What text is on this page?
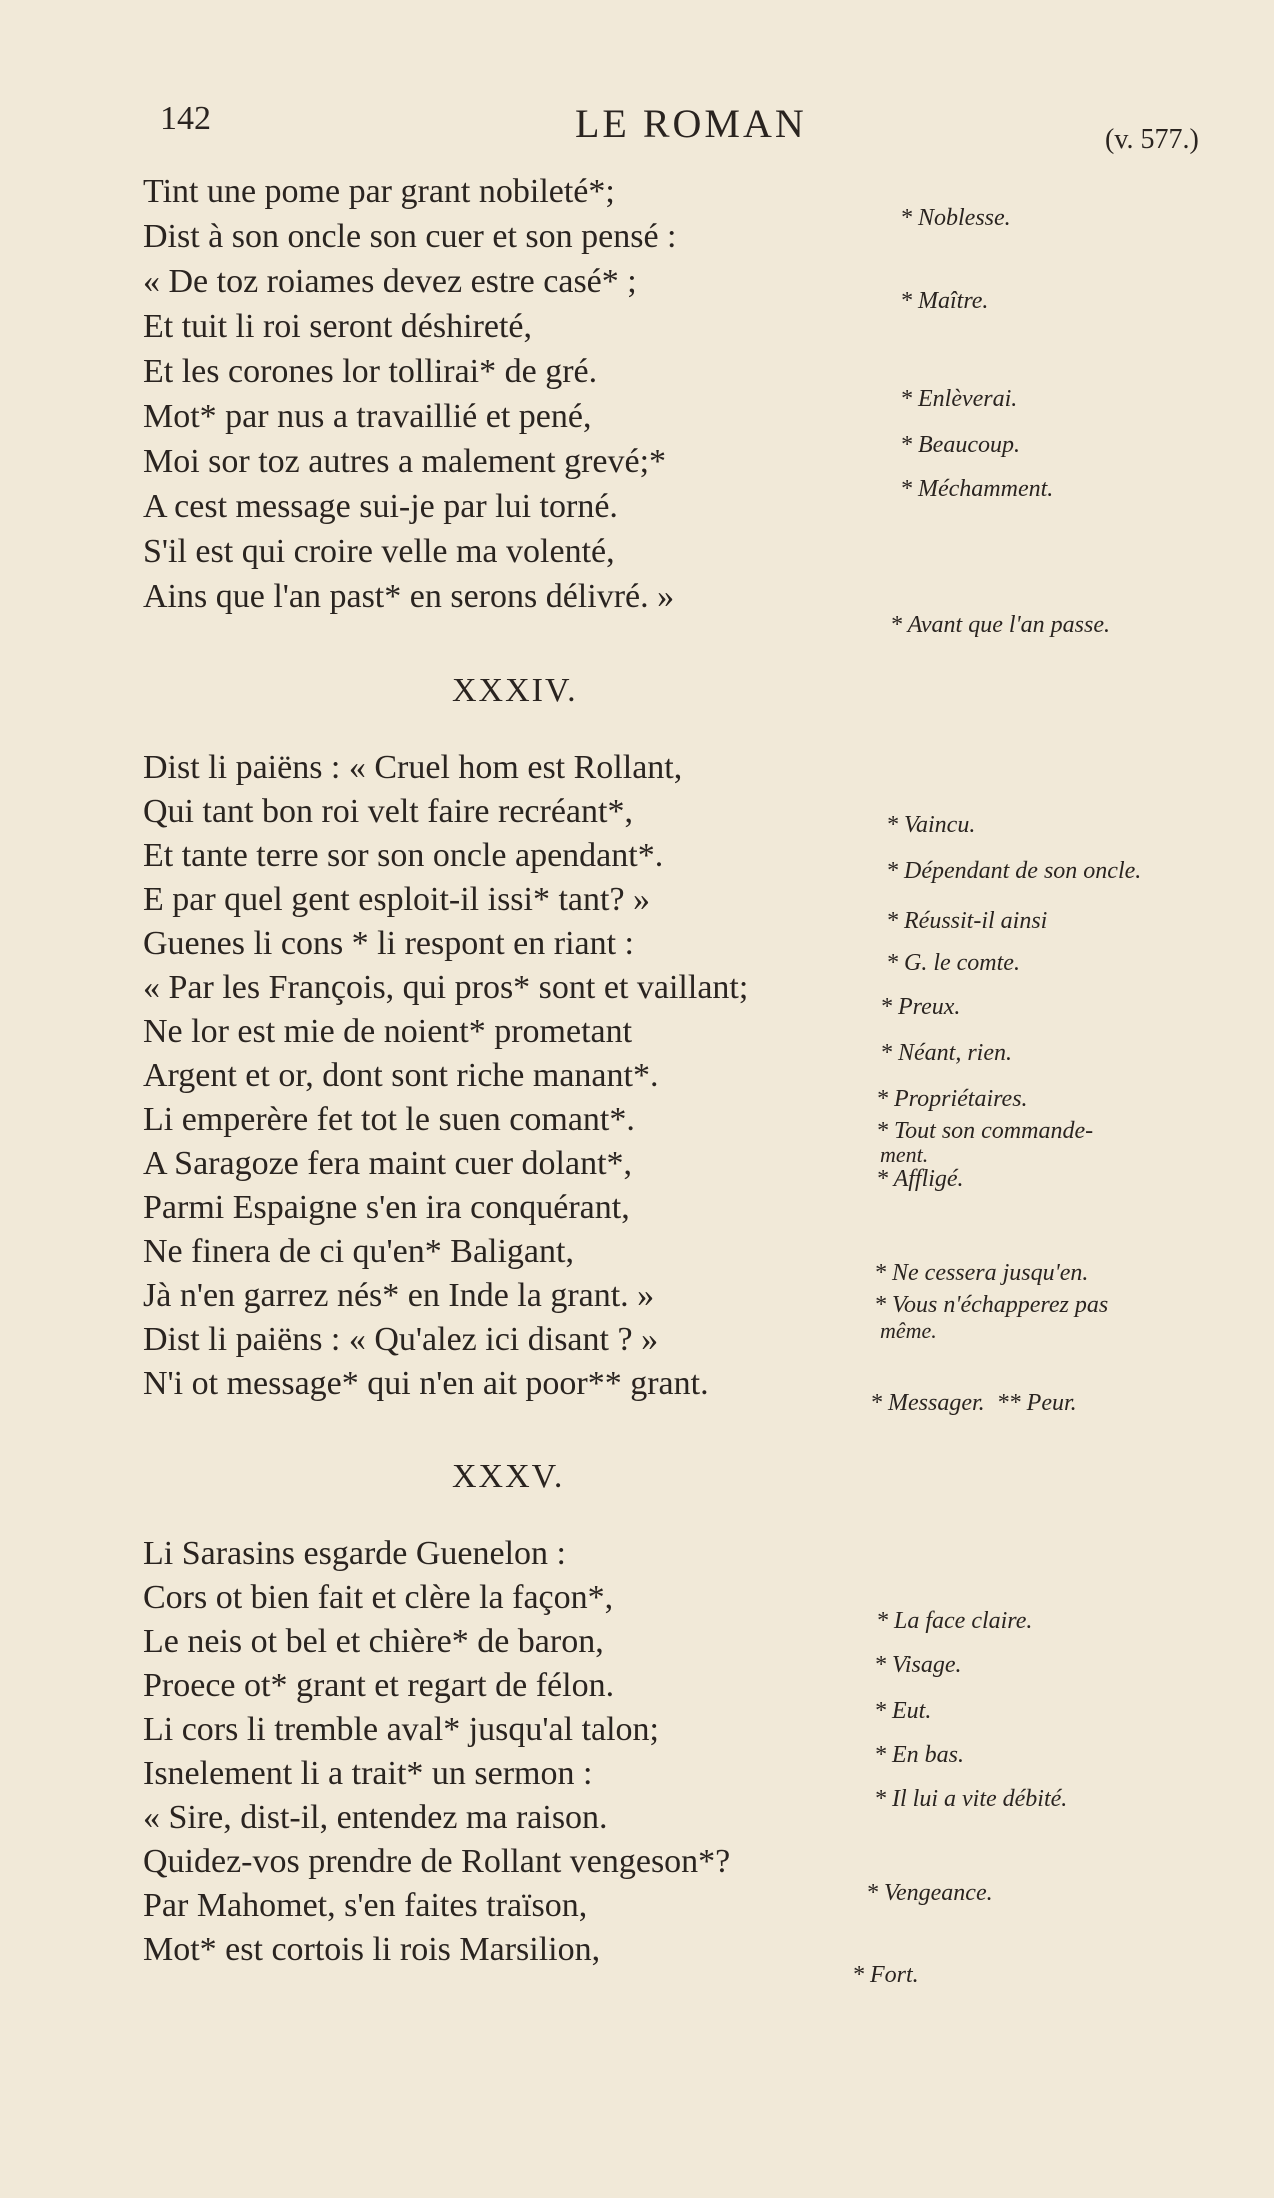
142	LE ROMAN	(v. 577.)
Tint une pome par grant nobileté*;
Dist à son oncle son cuer et son pensé :
« De toz roiames devez estre casé* ;
Et tuit li roi seront déshireté,
Et les corones lor tollirai* de gré.
Mot* par nus a travaillié et pené,
Moi sor toz autres a malement grevé;*
A cest message sui-je par lui torné.
S'il est qui croire velle ma volenté,
Ains que l'an past* en serons délivré. »
* Noblesse.
* Maître.
* Enlèverai.
* Beaucoup.
* Méchamment.
* Avant que l'an passe.
XXXIV.
Dist li paiëns : « Cruel hom est Rollant,
Qui tant bon roi velt faire recréant*,
Et tante terre sor son oncle apendant*.
E par quel gent esploit-il issi* tant? »
Guenes li cons * li respont en riant :
« Par les François, qui pros* sont et vaillant;
Ne lor est mie de noient* prometant
Argent et or, dont sont riche manant*.
Li emperère fet tot le suen comant*.
A Saragoze fera maint cuer dolant*,
Parmi Espaigne s'en ira conquérant,
Ne finera de ci qu'en* Baligant,
Jà n'en garrez nés* en Inde la grant. »
Dist li paiëns : « Qu'alez ici disant ? »
N'i ot message* qui n'en ait poor** grant.
* Vaincu.
* Dépendant de son oncle.
* Réussit-il ainsi
* G. le comte.
* Preux.
* Néant, rien.
* Propriétaires.
* Tout son commande-
ment.
* Affligé.
* Ne cessera jusqu'en.
* Vous n'échapperez pas
même.
* Messager.  ** Peur.
XXXV.
Li Sarasins esgarde Guenelon :
Cors ot bien fait et clère la façon*,
Le neis ot bel et chière* de baron,
Proece ot* grant et regart de félon.
Li cors li tremble aval* jusqu'al talon;
Isnelement li a trait* un sermon :
« Sire, dist-il, entendez ma raison.
Quidez-vos prendre de Rollant vengeson*?
Par Mahomet, s'en faites traïson,
Mot* est cortois li rois Marsilion,
* La face claire.
* Visage.
* Eut.
* En bas.
* Il lui a vite débité.
* Vengeance.
* Fort.
